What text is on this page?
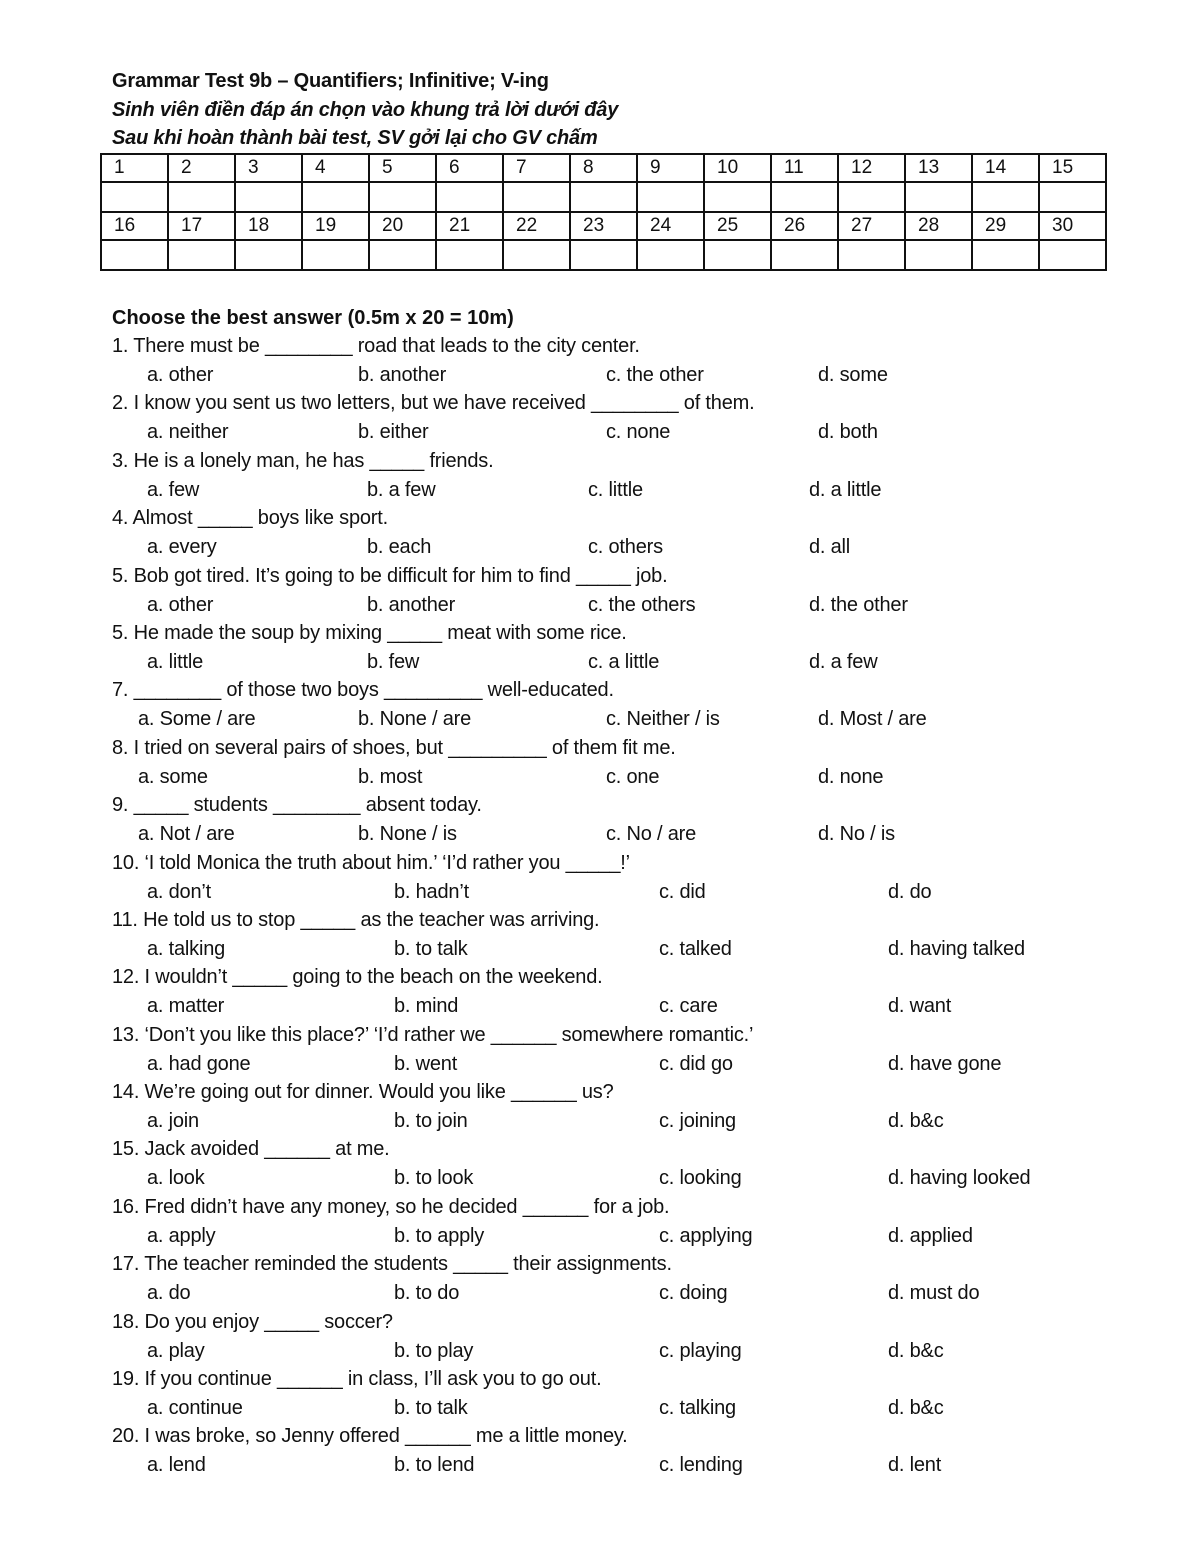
Grammar Test 9b – Quantifiers; Infinitive; V-ing
Sinh viên điền đáp án chọn vào khung trả lời dưới đây
Sau khi hoàn thành bài test, SV gởi lại cho GV chấm
1	2	3	4	5	6	7	8	9	10	11	12	13	14	15

16	17	18	19	20	21	22	23	24	25	26	27	28	29	30

Choose the best answer (0.5m x 20 = 10m)
1. There must be ________ road that leads to the city center.
a. other	b. another	c. the other	d. some
2. I know you sent us two letters, but we have received ________ of them.
a. neither	b. either	c. none	d. both
3. He is a lonely man, he has _____ friends.
a. few	b. a few	c. little	d. a little
4. Almost _____ boys like sport.
a. every	b. each	c. others	d. all
5. Bob got tired. It’s going to be difficult for him to find _____ job.
a. other	b. another	c. the others	d. the other
5. He made the soup by mixing _____ meat with some rice.
a. little	b. few	c. a little	d. a few
7. ________ of those two boys _________ well-educated.
a. Some / are	b. None / are	c. Neither / is	d. Most / are
8. I tried on several pairs of shoes, but _________ of them fit me.
a. some	b. most	c. one	d. none
9. _____ students ________ absent today.
a. Not / are	b. None / is	c. No / are	d. No / is
10. ‘I told Monica the truth about him.’ ‘I’d rather you _____!’
a. don’t	b. hadn’t	c. did	d. do
11. He told us to stop _____ as the teacher was arriving.
a. talking	b. to talk	c. talked	d. having talked
12. I wouldn’t _____ going to the beach on the weekend.
a. matter	b. mind	c. care	d. want
13. ‘Don’t you like this place?’ ‘I’d rather we ______ somewhere romantic.’
a. had gone	b. went	c. did go	d. have gone
14. We’re going out for dinner. Would you like ______ us?
a. join	b. to join	c. joining	d. b&c
15. Jack avoided ______ at me.
a. look	b. to look	c. looking	d. having looked
16. Fred didn’t have any money, so he decided ______ for a job.
a. apply	b. to apply	c. applying	d. applied
17. The teacher reminded the students _____ their assignments.
a. do	b. to do	c. doing	d. must do
18. Do you enjoy _____ soccer?
a. play	b. to play	c. playing	d. b&c
19. If you continue ______ in class, I’ll ask you to go out.
a. continue	b. to talk	c. talking	d. b&c
20. I was broke, so Jenny offered ______ me a little money.
a. lend	b. to lend	c. lending	d. lent
